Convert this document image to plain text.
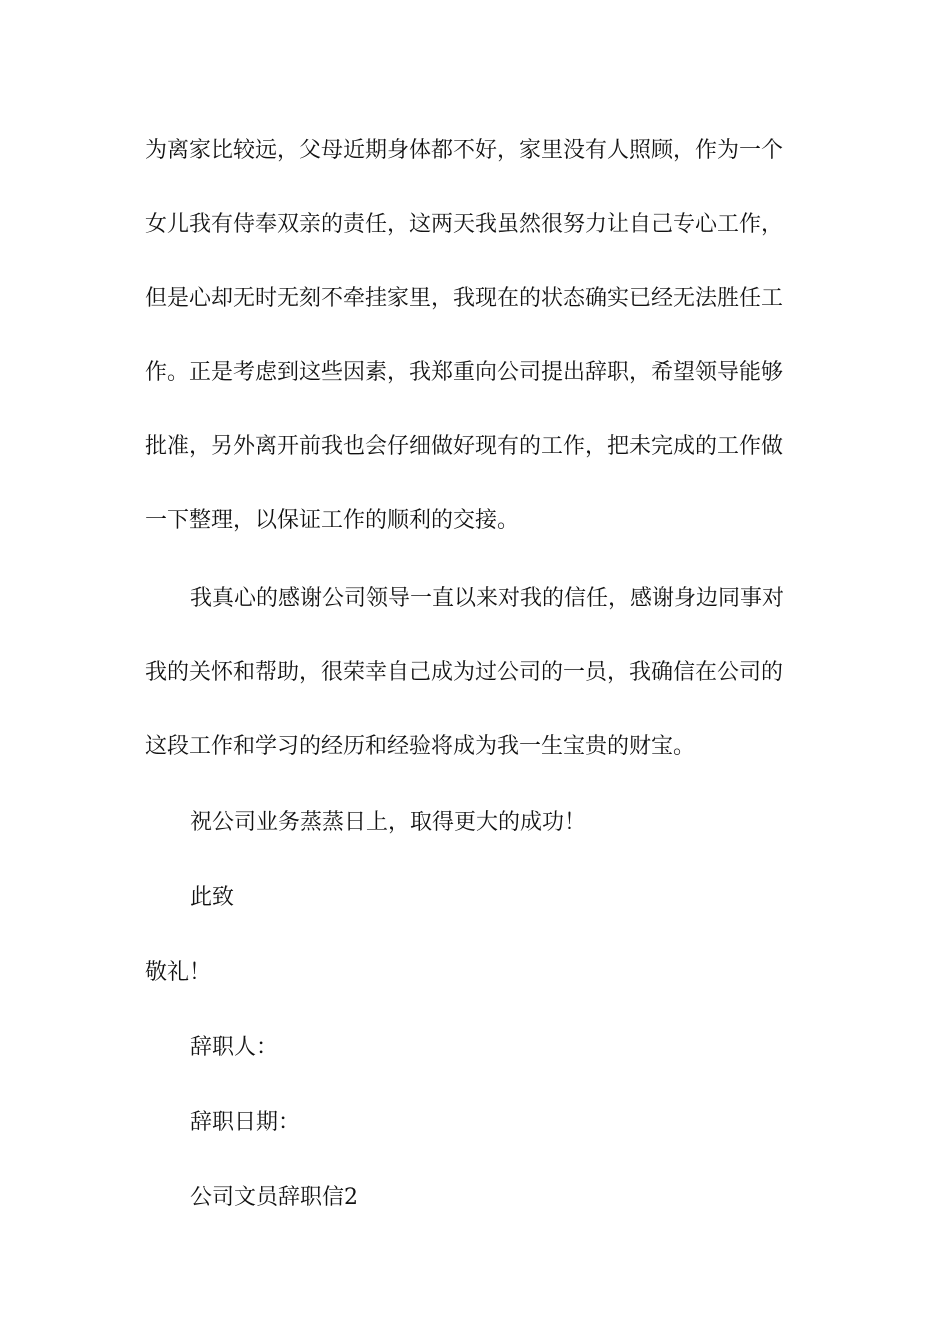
为离家比较远，父母近期身体都不好，家里没有人照顾，作为一个
女儿我有侍奉双亲的责任，这两天我虽然很努力让自己专心工作，
但是心却无时无刻不牵挂家里，我现在的状态确实已经无法胜任工
作。正是考虑到这些因素，我郑重向公司提出辞职，希望领导能够
批准，另外离开前我也会仔细做好现有的工作，把未完成的工作做
一下整理，以保证工作的顺利的交接。
我真心的感谢公司领导一直以来对我的信任，感谢身边同事对
我的关怀和帮助，很荣幸自己成为过公司的一员，我确信在公司的
这段工作和学习的经历和经验将成为我一生宝贵的财宝。
祝公司业务蒸蒸日上，取得更大的成功！
此致
敬礼！
辞职人：
辞职日期：
公司文员辞职信2
